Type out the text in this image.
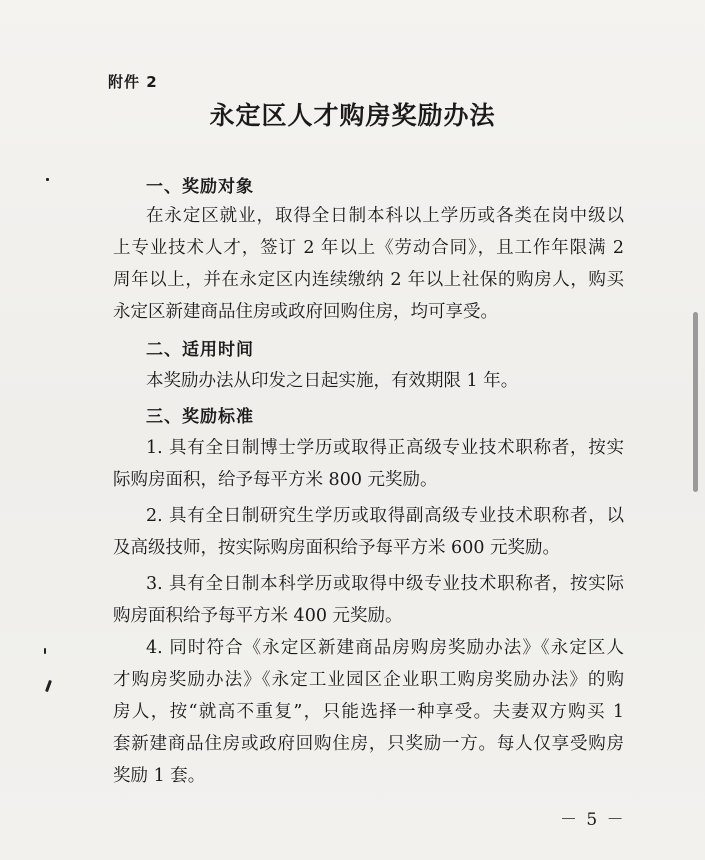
附件 2
永定区人才购房奖励办法
一、奖励对象
在永定区就业，取得全日制本科以上学历或各类在岗中级以
上专业技术人才，签订 2 年以上《劳动合同》，且工作年限满 2
周年以上，并在永定区内连续缴纳 2 年以上社保的购房人，购买
永定区新建商品住房或政府回购住房，均可享受。
二、适用时间
本奖励办法从印发之日起实施，有效期限 1 年。
三、奖励标准
1. 具有全日制博士学历或取得正高级专业技术职称者，按实
际购房面积，给予每平方米 800 元奖励。
2. 具有全日制研究生学历或取得副高级专业技术职称者，以
及高级技师，按实际购房面积给予每平方米 600 元奖励。
3. 具有全日制本科学历或取得中级专业技术职称者，按实际
购房面积给予每平方米 400 元奖励。
4. 同时符合《永定区新建商品房购房奖励办法》《永定区人
才购房奖励办法》《永定工业园区企业职工购房奖励办法》的购
房人，按“就高不重复”，只能选择一种享受。夫妻双方购买 1
套新建商品住房或政府回购住房，只奖励一方。每人仅享受购房
奖励 1 套。
－ 5 －
